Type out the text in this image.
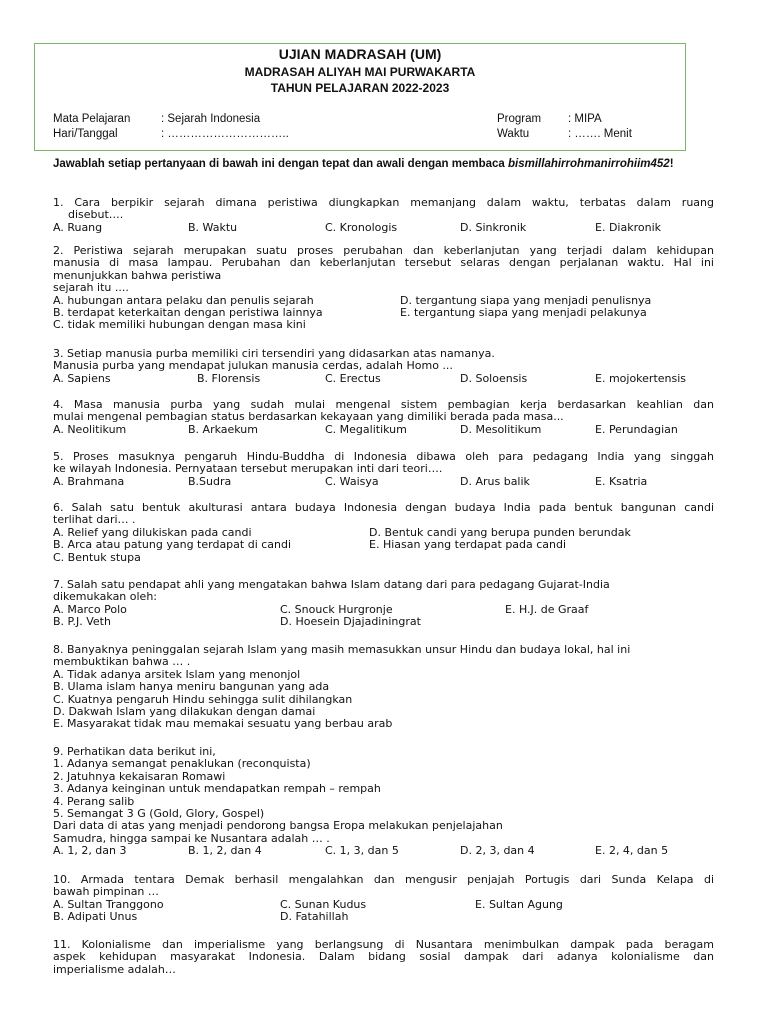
UJIAN MADRASAH (UM)
MADRASAH ALIYAH MAI PURWAKARTA
TAHUN PELAJARAN 2022-2023
Mata Pelajaran	: Sejarah Indonesia
Hari/Tanggal	: …………………………..
Program : MIPA
Waktu	: ……. Menit
Jawablah setiap pertanyaan di bawah ini dengan tepat dan awali dengan membaca bismillahirrohmanirrohiim452!
1. Cara berpikir sejarah dimana peristiwa diungkapkan memanjang dalam waktu, terbatas dalam ruang
disebut….
A. Ruang	B. Waktu	C. Kronologis	D. Sinkronik	E. Diakronik
2. Peristiwa sejarah merupakan suatu proses perubahan dan keberlanjutan yang terjadi dalam kehidupan
manusia di masa lampau. Perubahan dan keberlanjutan tersebut selaras dengan perjalanan waktu. Hal ini
menunjukkan bahwa peristiwa
sejarah itu ....
A. hubungan antara pelaku dan penulis sejarah	D. tergantung siapa yang menjadi penulisnya
B. terdapat keterkaitan dengan peristiwa lainnya	E. tergantung siapa yang menjadi pelakunya
C. tidak memiliki hubungan dengan masa kini
3. Setiap manusia purba memiliki ciri tersendiri yang didasarkan atas namanya.
Manusia purba yang mendapat julukan manusia cerdas, adalah Homo ...
A. Sapiens	B. Florensis	C. Erectus	D. Soloensis	E. mojokertensis
4. Masa manusia purba yang sudah mulai mengenal sistem pembagian kerja berdasarkan keahlian dan
mulai mengenal pembagian status berdasarkan kekayaan yang dimiliki berada pada masa...
A. Neolitikum	B. Arkaekum	C. Megalitikum	D. Mesolitikum	E. Perundagian
5. Proses masuknya pengaruh Hindu-Buddha di Indonesia dibawa oleh para pedagang India yang singgah
ke wilayah Indonesia. Pernyataan tersebut merupakan inti dari teori….
A. Brahmana	B.Sudra	C. Waisya	D. Arus balik	E. Ksatria
6. Salah satu bentuk akulturasi antara budaya Indonesia dengan budaya India pada bentuk bangunan candi
terlihat dari… .
A. Relief yang dilukiskan pada candi	D. Bentuk candi yang berupa punden berundak
B. Arca atau patung yang terdapat di candi	E. Hiasan yang terdapat pada candi
C. Bentuk stupa
7. Salah satu pendapat ahli yang mengatakan bahwa Islam datang dari para pedagang Gujarat-India
dikemukakan oleh:
A. Marco Polo	C. Snouck Hurgronje	E. H.J. de Graaf
B. P.J. Veth	D. Hoesein Djajadiningrat
8. Banyaknya peninggalan sejarah Islam yang masih memasukkan unsur Hindu dan budaya lokal, hal ini
membuktikan bahwa … .
A. Tidak adanya arsitek Islam yang menonjol
B. Ulama islam hanya meniru bangunan yang ada
C. Kuatnya pengaruh Hindu sehingga sulit dihilangkan
D. Dakwah Islam yang dilakukan dengan damai
E. Masyarakat tidak mau memakai sesuatu yang berbau arab
9. Perhatikan data berikut ini,
1. Adanya semangat penaklukan (reconquista)
2. Jatuhnya kekaisaran Romawi
3. Adanya keinginan untuk mendapatkan rempah – rempah
4. Perang salib
5. Semangat 3 G (Gold, Glory, Gospel)
Dari data di atas yang menjadi pendorong bangsa Eropa melakukan penjelajahan
Samudra, hingga sampai ke Nusantara adalah … .
A. 1, 2, dan 3	B. 1, 2, dan 4	C. 1, 3, dan 5	D. 2, 3, dan 4	E. 2, 4, dan 5
10. Armada tentara Demak berhasil mengalahkan dan mengusir penjajah Portugis dari Sunda Kelapa di
bawah pimpinan …
A. Sultan Tranggono	C. Sunan Kudus	E. Sultan Agung
B. Adipati Unus	D. Fatahillah
11. Kolonialisme dan imperialisme yang berlangsung di Nusantara menimbulkan dampak pada beragam
aspek kehidupan masyarakat Indonesia. Dalam bidang sosial dampak dari adanya kolonialisme dan
imperialisme adalah…
